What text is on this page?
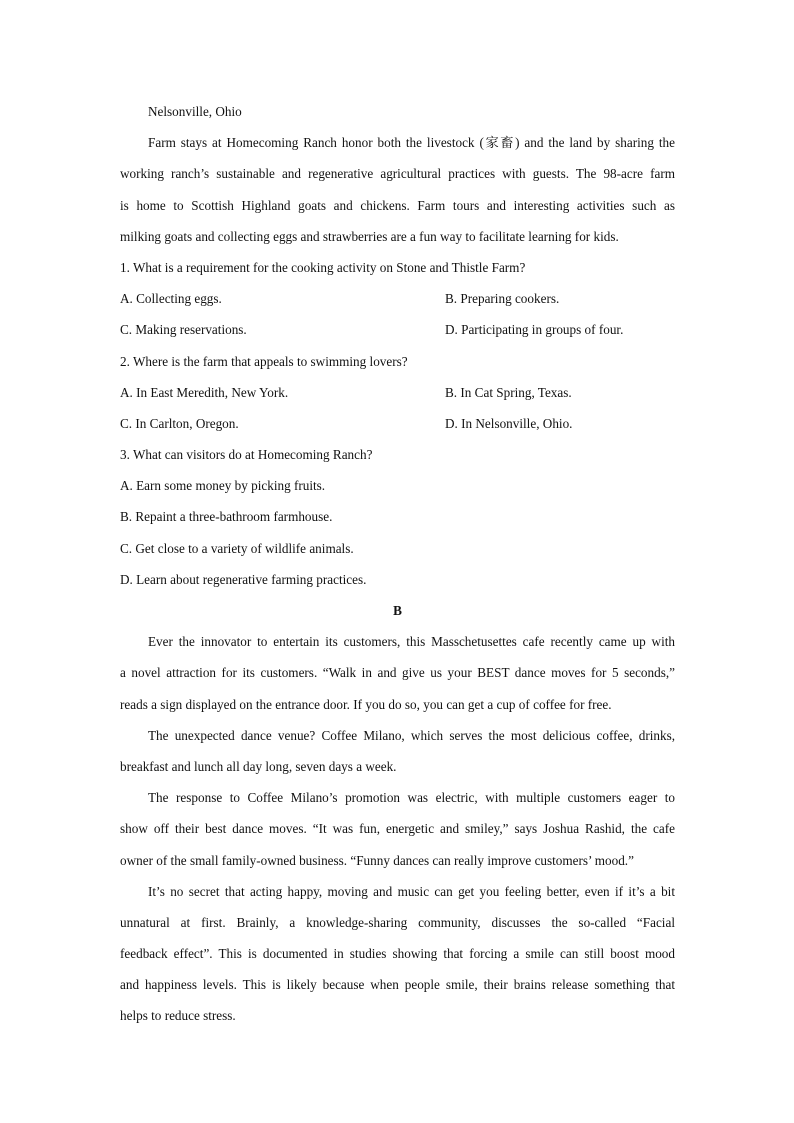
Nelsonville, Ohio
Farm stays at Homecoming Ranch honor both the livestock (家畜) and the land by sharing the
working ranch’s sustainable and regenerative agricultural practices with guests. The 98-acre farm
is home to Scottish Highland goats and chickens. Farm tours and interesting activities such as
milking goats and collecting eggs and strawberries are a fun way to facilitate learning for kids.
1. What is a requirement for the cooking activity on Stone and Thistle Farm?
A. Collecting eggs.	B. Preparing cookers.
C. Making reservations.	D. Participating in groups of four.
2. Where is the farm that appeals to swimming lovers?
A. In East Meredith, New York.	B. In Cat Spring, Texas.
C. In Carlton, Oregon.	D. In Nelsonville, Ohio.
3. What can visitors do at Homecoming Ranch?
A. Earn some money by picking fruits.
B. Repaint a three-bathroom farmhouse.
C. Get close to a variety of wildlife animals.
D. Learn about regenerative farming practices.
B
Ever the innovator to entertain its customers, this Masschetusettes cafe recently came up with
a novel attraction for its customers. “Walk in and give us your BEST dance moves for 5 seconds,”
reads a sign displayed on the entrance door. If you do so, you can get a cup of coffee for free.
The unexpected dance venue? Coffee Milano, which serves the most delicious coffee, drinks,
breakfast and lunch all day long, seven days a week.
The response to Coffee Milano’s promotion was electric, with multiple customers eager to
show off their best dance moves. “It was fun, energetic and smiley,” says Joshua Rashid, the cafe
owner of the small family-owned business. “Funny dances can really improve customers’ mood.”
It’s no secret that acting happy, moving and music can get you feeling better, even if it’s a bit
unnatural at first. Brainly, a knowledge-sharing community, discusses the so-called “Facial
feedback effect”. This is documented in studies showing that forcing a smile can still boost mood
and happiness levels. This is likely because when people smile, their brains release something that
helps to reduce stress.
